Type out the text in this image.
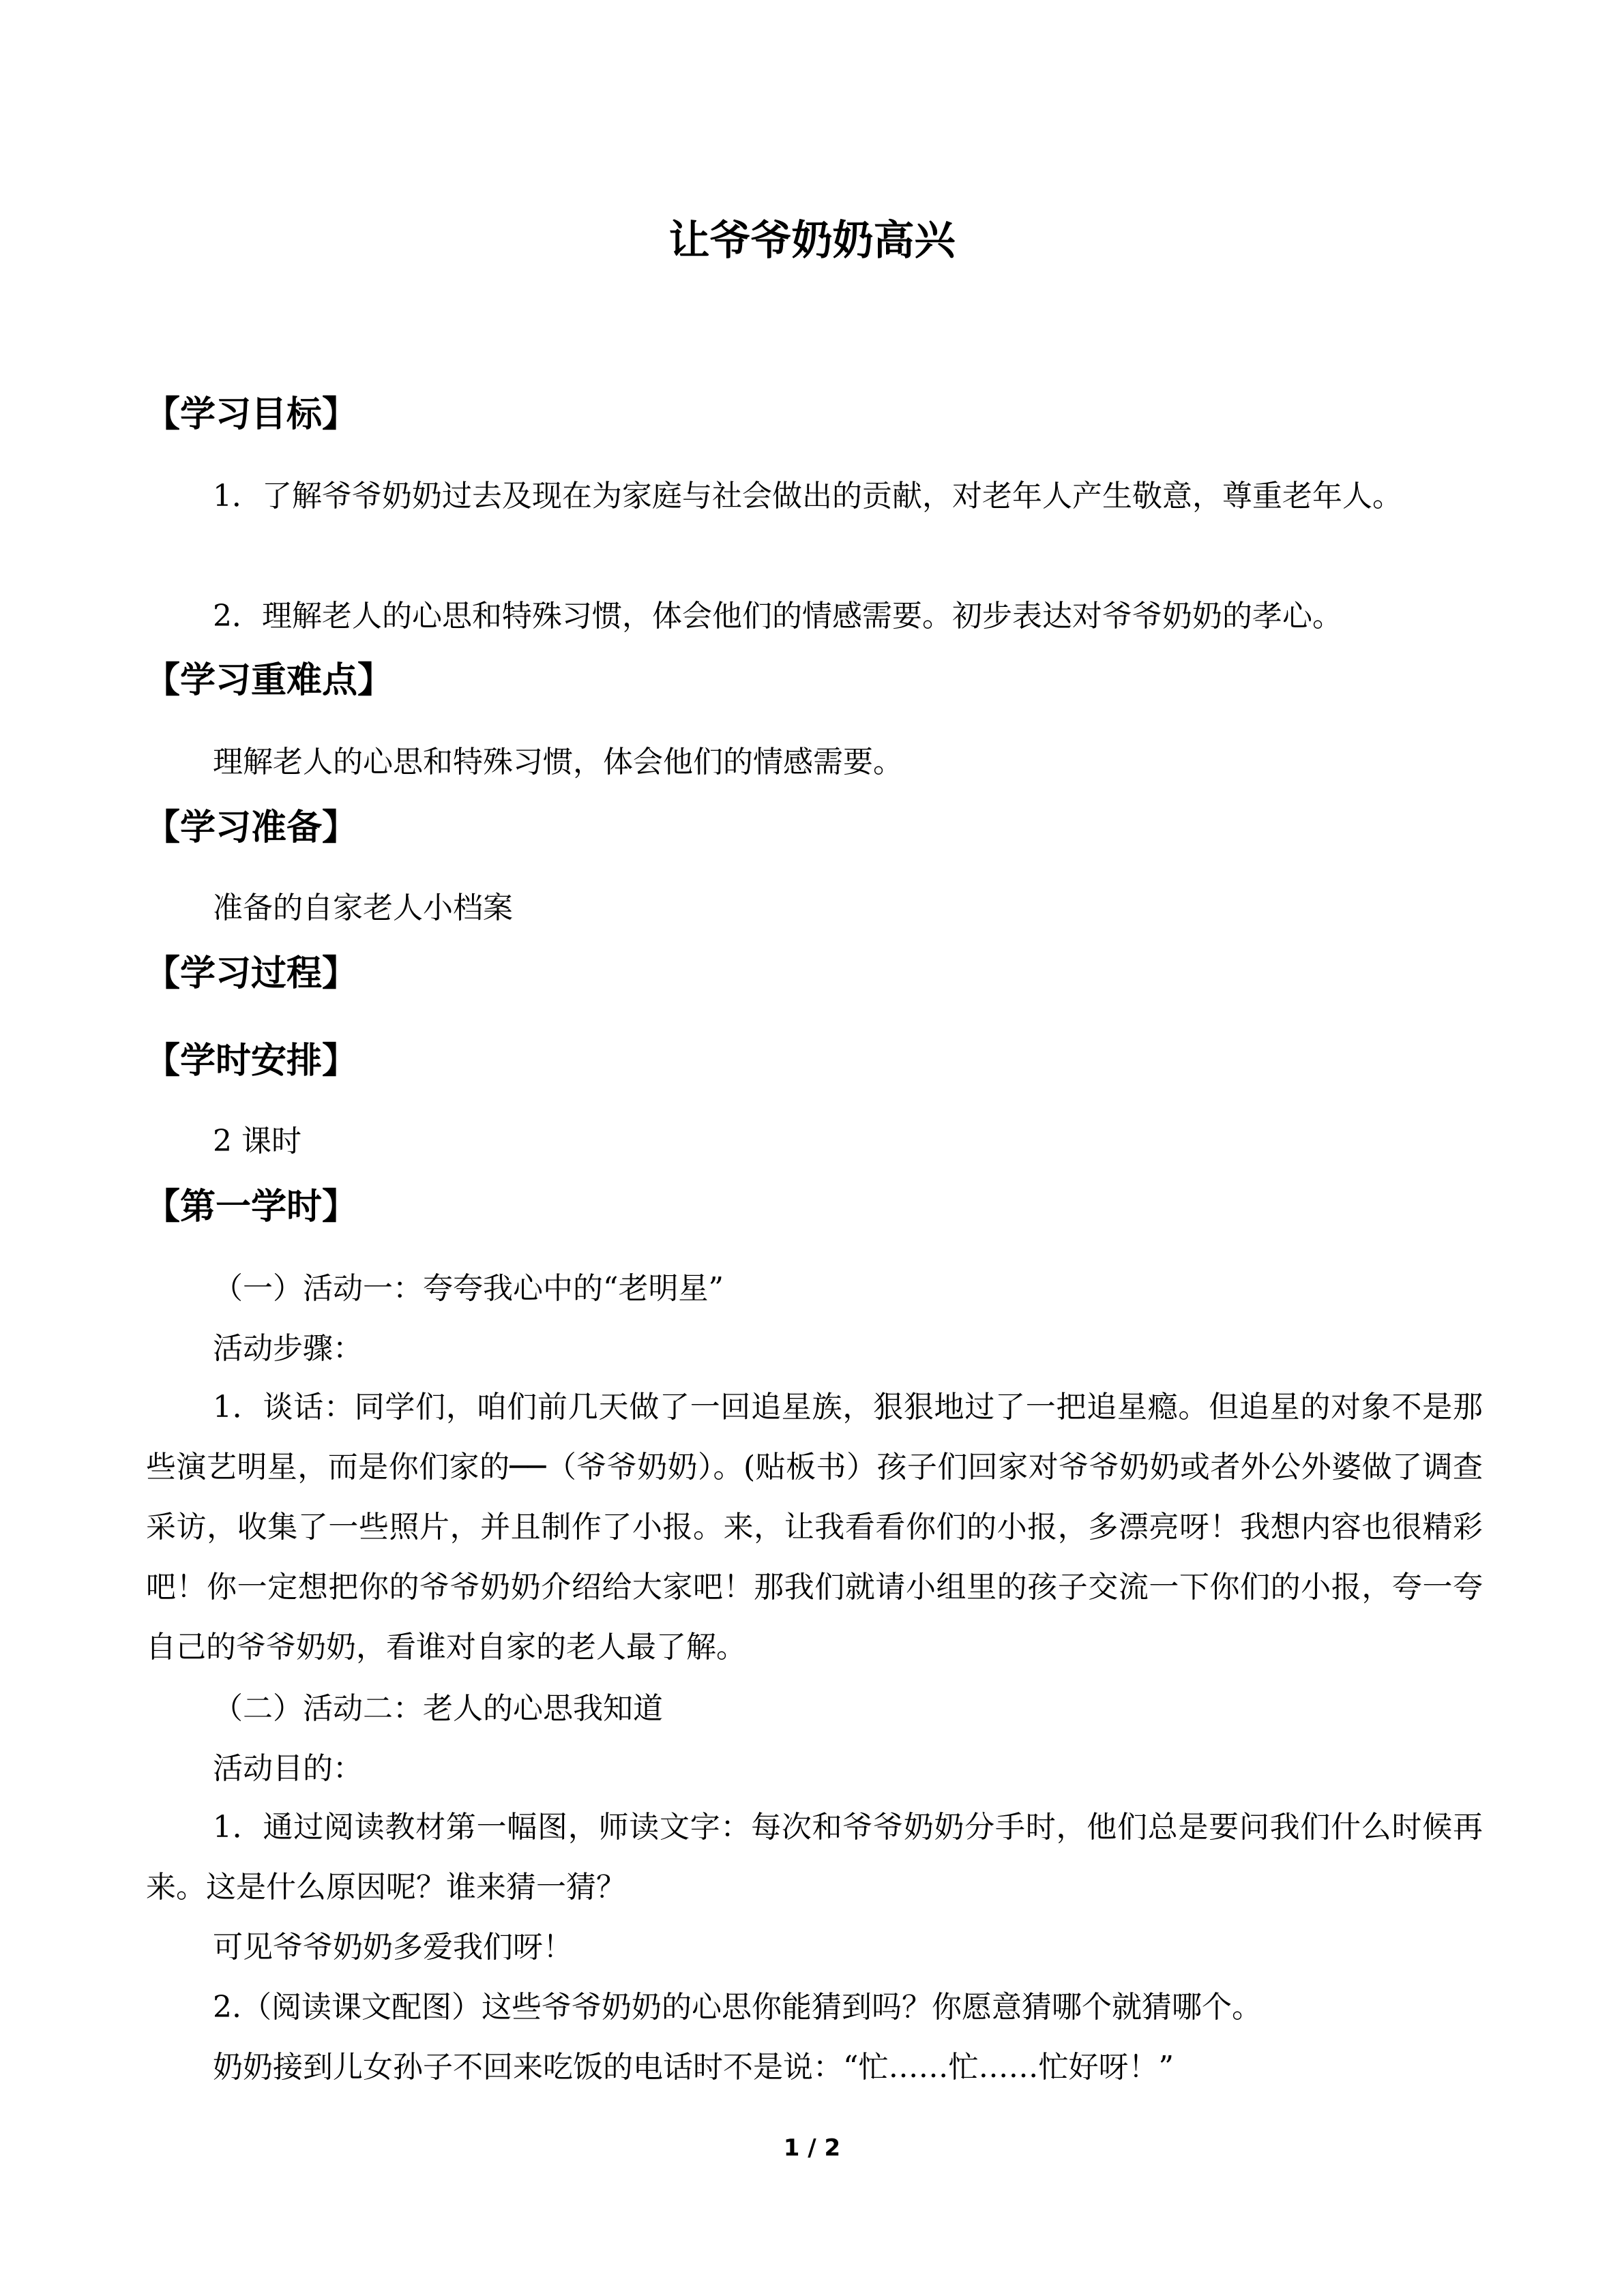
让爷爷奶奶高兴
【学习目标】
1．了解爷爷奶奶过去及现在为家庭与社会做出的贡献，对老年人产生敬意，尊重老年人。
2．理解老人的心思和特殊习惯，体会他们的情感需要。初步表达对爷爷奶奶的孝心。
【学习重难点】
理解老人的心思和特殊习惯，体会他们的情感需要。
【学习准备】
准备的自家老人小档案
【学习过程】
【学时安排】
2 课时
【第一学时】
（一）活动一：夸夸我心中的“老明星”
活动步骤：
1．谈话：同学们，咱们前几天做了一回追星族，狠狠地过了一把追星瘾。但追星的对象不是那些演艺明星，而是你们家的──（爷爷奶奶）。(贴板书）孩子们回家对爷爷奶奶或者外公外婆做了调查采访，收集了一些照片，并且制作了小报。来，让我看看你们的小报，多漂亮呀！我想内容也很精彩吧！你一定想把你的爷爷奶奶介绍给大家吧！那我们就请小组里的孩子交流一下你们的小报，夸一夸自己的爷爷奶奶，看谁对自家的老人最了解。
（二）活动二：老人的心思我知道
活动目的：
1．通过阅读教材第一幅图，师读文字：每次和爷爷奶奶分手时，他们总是要问我们什么时候再来。这是什么原因呢？谁来猜一猜？
可见爷爷奶奶多爱我们呀！
2.（阅读课文配图）这些爷爷奶奶的心思你能猜到吗？你愿意猜哪个就猜哪个。
奶奶接到儿女孙子不回来吃饭的电话时不是说：“忙……忙……忙好呀！”
1 / 2
